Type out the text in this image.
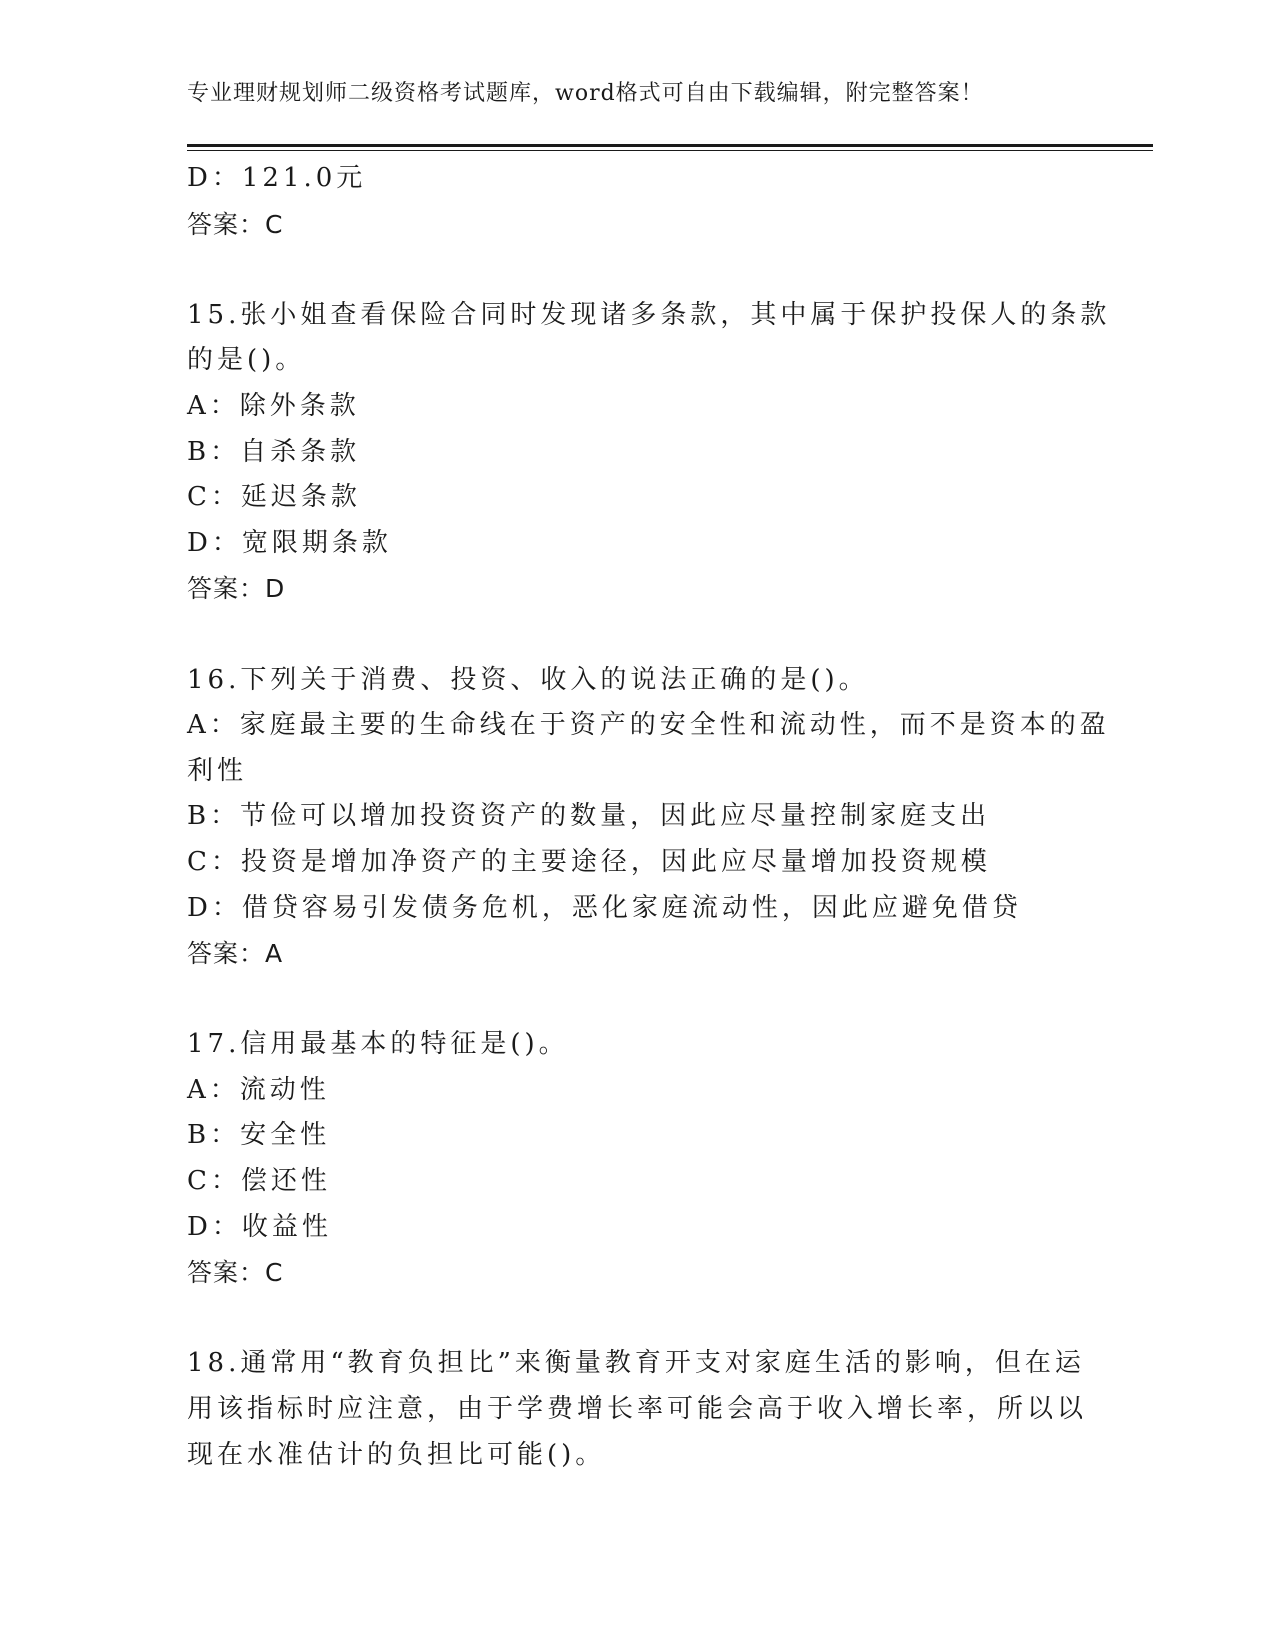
专业理财规划师二级资格考试题库，word格式可自由下载编辑，附完整答案！
D：121.0元
答案：C
15.张小姐查看保险合同时发现诸多条款，其中属于保护投保人的条款
的是()。
A：除外条款
B：自杀条款
C：延迟条款
D：宽限期条款
答案：D
16.下列关于消费、投资、收入的说法正确的是()。
A：家庭最主要的生命线在于资产的安全性和流动性，而不是资本的盈
利性
B：节俭可以增加投资资产的数量，因此应尽量控制家庭支出
C：投资是增加净资产的主要途径，因此应尽量增加投资规模
D：借贷容易引发债务危机，恶化家庭流动性，因此应避免借贷
答案：A
17.信用最基本的特征是()。
A：流动性
B：安全性
C：偿还性
D：收益性
答案：C
18.通常用“教育负担比”来衡量教育开支对家庭生活的影响，但在运
用该指标时应注意，由于学费增长率可能会高于收入增长率，所以以
现在水准估计的负担比可能()。
